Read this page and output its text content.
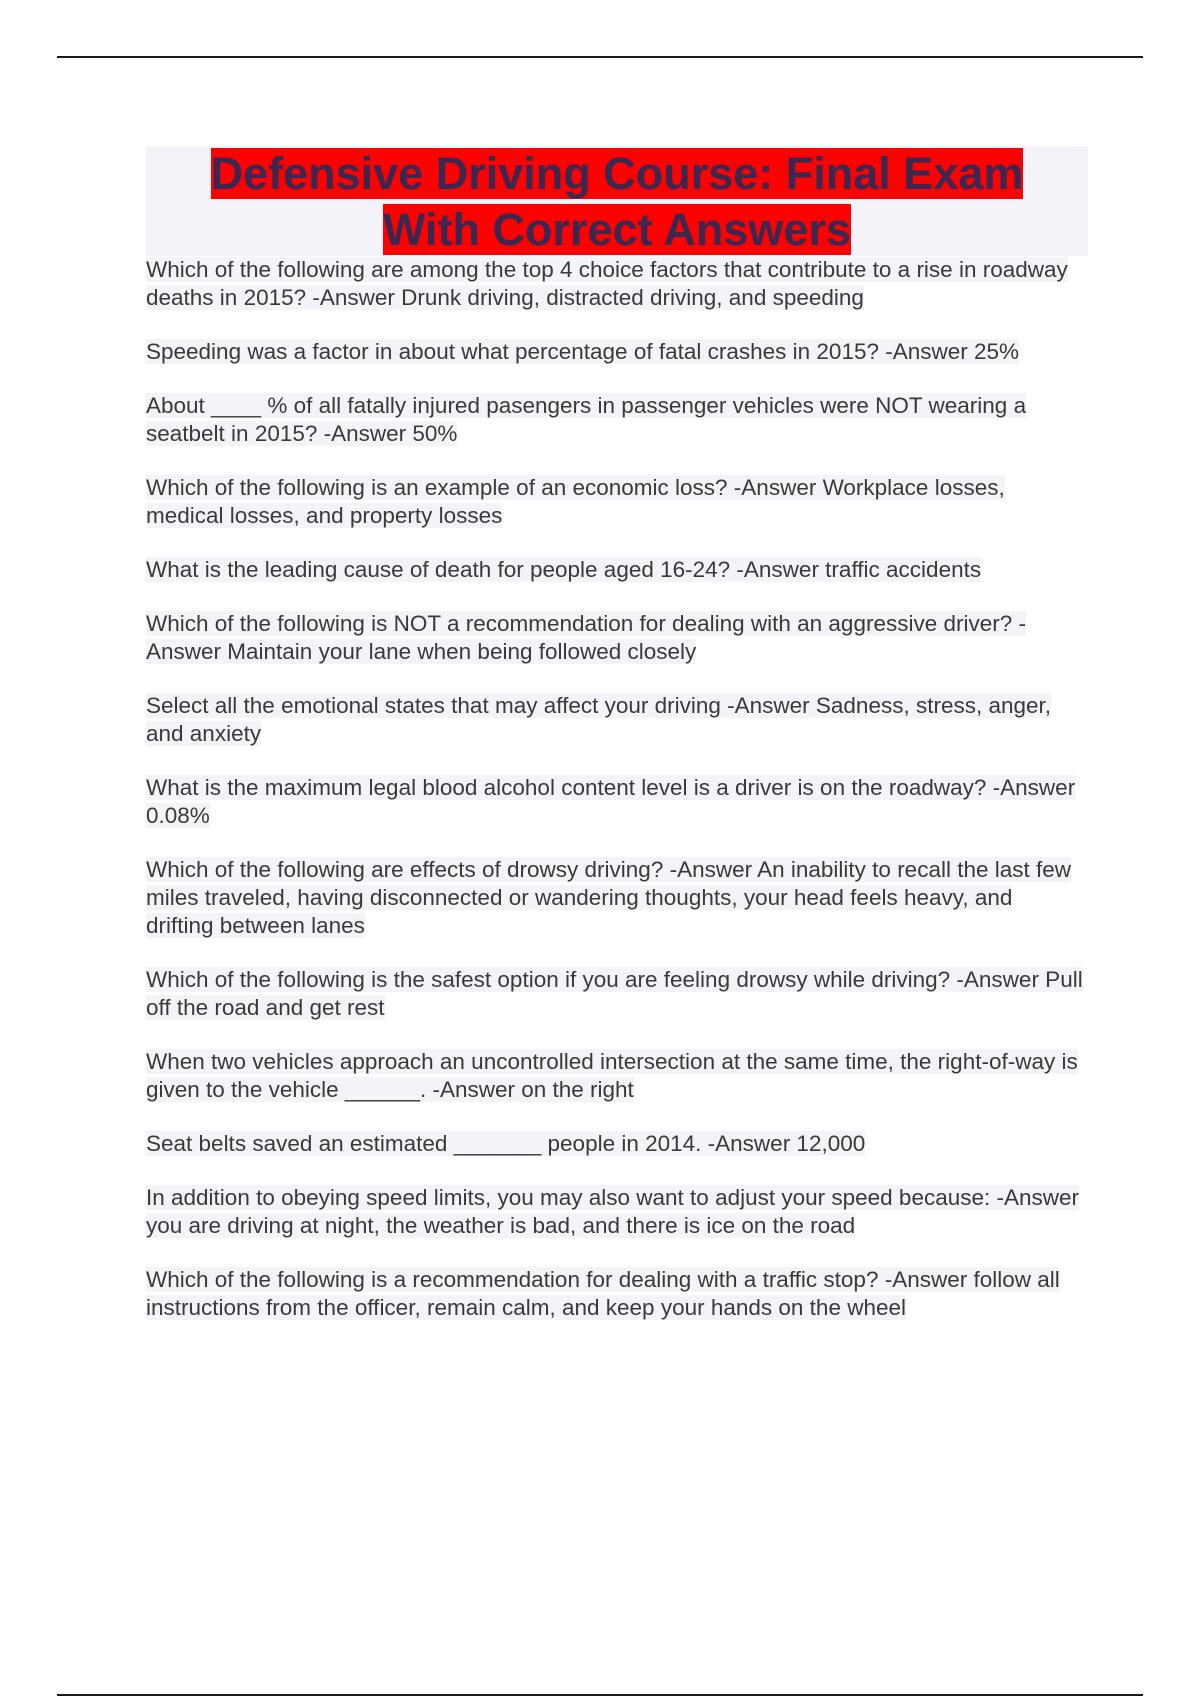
Defensive Driving Course: Final Exam
With Correct Answers

Which of the following are among the top 4 choice factors that contribute to a rise in roadway deaths in 2015? -Answer Drunk driving, distracted driving, and speeding

Speeding was a factor in about what percentage of fatal crashes in 2015? -Answer 25%

About ____ % of all fatally injured pasengers in passenger vehicles were NOT wearing a seatbelt in 2015? -Answer 50%

Which of the following is an example of an economic loss? -Answer Workplace losses, medical losses, and property losses

What is the leading cause of death for people aged 16-24? -Answer traffic accidents

Which of the following is NOT a recommendation for dealing with an aggressive driver? -Answer Maintain your lane when being followed closely

Select all the emotional states that may affect your driving -Answer Sadness, stress, anger, and anxiety

What is the maximum legal blood alcohol content level is a driver is on the roadway? -Answer 0.08%

Which of the following are effects of drowsy driving? -Answer An inability to recall the last few miles traveled, having disconnected or wandering thoughts, your head feels heavy, and drifting between lanes

Which of the following is the safest option if you are feeling drowsy while driving? -Answer Pull off the road and get rest

When two vehicles approach an uncontrolled intersection at the same time, the right-of-way is given to the vehicle ______. -Answer on the right

Seat belts saved an estimated _______ people in 2014. -Answer 12,000

In addition to obeying speed limits, you may also want to adjust your speed because: -Answer you are driving at night, the weather is bad, and there is ice on the road

Which of the following is a recommendation for dealing with a traffic stop? -Answer follow all instructions from the officer, remain calm, and keep your hands on the wheel
